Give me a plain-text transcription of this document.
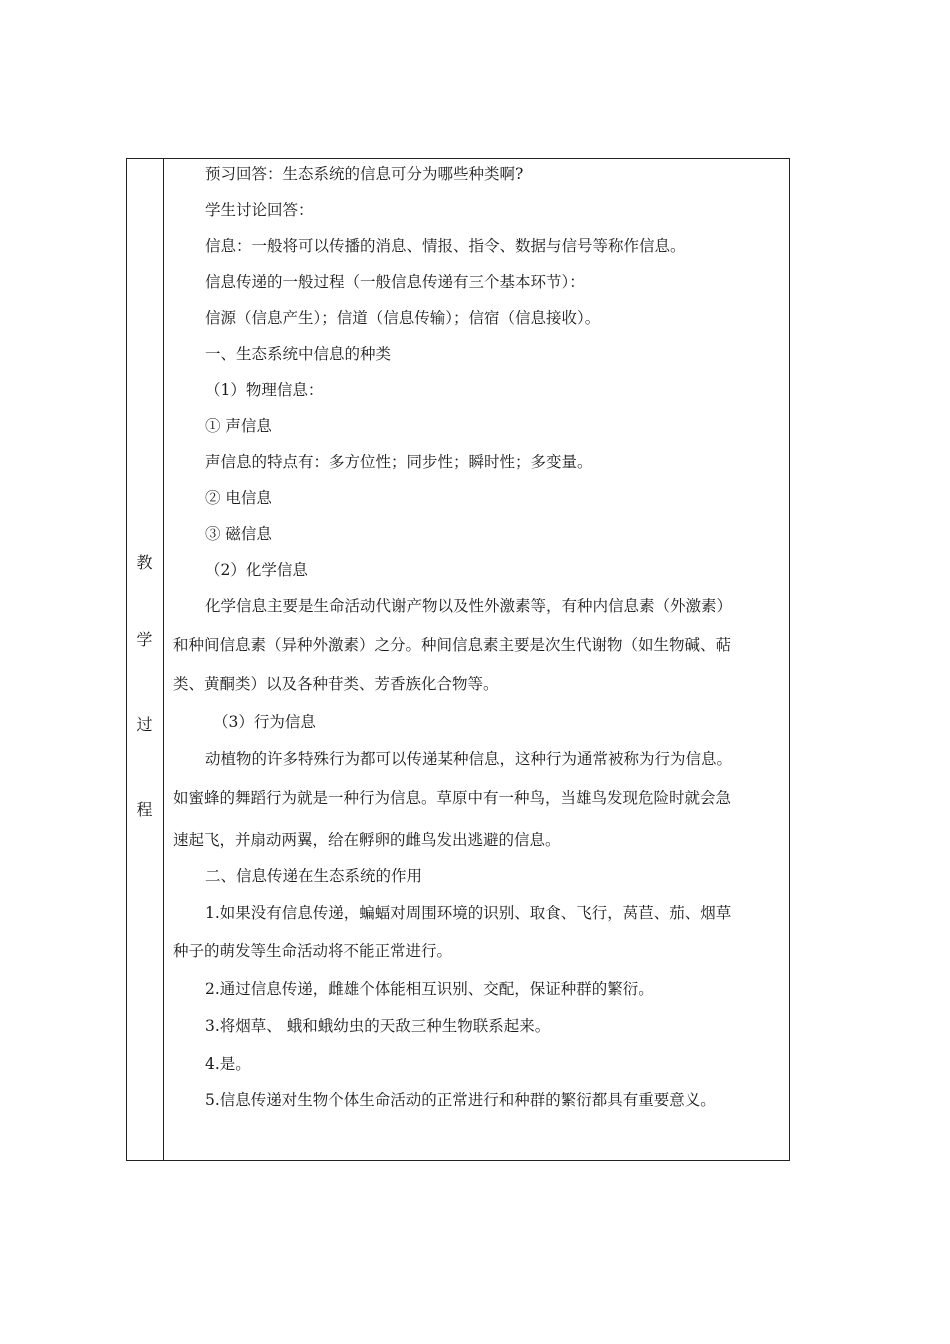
教
学
过
程
预习回答：生态系统的信息可分为哪些种类啊?
学生讨论回答：
信息：一般将可以传播的消息、情报、指令、数据与信号等称作信息。
信息传递的一般过程（一般信息传递有三个基本环节）：
信源（信息产生）；信道（信息传输）；信宿（信息接收）。
一、生态系统中信息的种类
（1）物理信息：
① 声信息
声信息的特点有：多方位性；同步性；瞬时性；多变量。
② 电信息
③ 磁信息
（2）化学信息
化学信息主要是生命活动代谢产物以及性外激素等，有种内信息素（外激素）
和种间信息素（异种外激素）之分。种间信息素主要是次生代谢物（如生物碱、萜
类、黄酮类）以及各种苷类、芳香族化合物等。
（3）行为信息
动植物的许多特殊行为都可以传递某种信息，这种行为通常被称为行为信息。
如蜜蜂的舞蹈行为就是一种行为信息。草原中有一种鸟，当雄鸟发现危险时就会急
速起飞，并扇动两翼，给在孵卵的雌鸟发出逃避的信息。
二、信息传递在生态系统的作用
1.如果没有信息传递，蝙蝠对周围环境的识别、取食、飞行，莴苣、茄、烟草
种子的萌发等生命活动将不能正常进行。
2.通过信息传递，雌雄个体能相互识别、交配，保证种群的繁衍。
3.将烟草、 蛾和蛾幼虫的天敌三种生物联系起来。
4.是。
5.信息传递对生物个体生命活动的正常进行和种群的繁衍都具有重要意义。
